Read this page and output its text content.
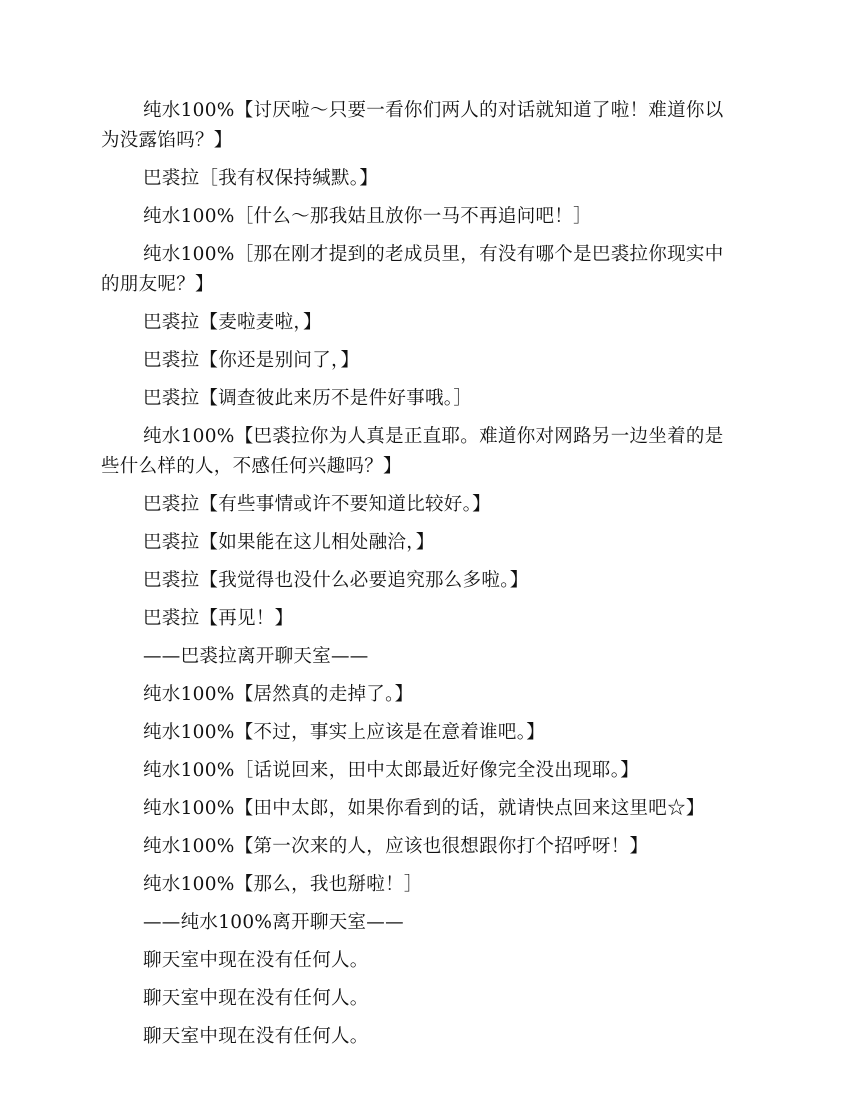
纯水100%【讨厌啦～只要一看你们两人的对话就知道了啦！难道你以为没露馅吗？】

巴裘拉［我有权保持缄默。】

纯水100%［什么～那我姑且放你一马不再追问吧！］

纯水100%［那在刚才提到的老成员里，有没有哪个是巴裘拉你现实中的朋友呢？】

巴裘拉【麦啦麦啦，】

巴裘拉【你还是别问了，】

巴裘拉【调查彼此来历不是件好事哦。］

纯水100%【巴裘拉你为人真是正直耶。难道你对网路另一边坐着的是些什么样的人，不感任何兴趣吗？】

巴裘拉【有些事情或许不要知道比较好。】

巴裘拉【如果能在这儿相处融洽，】

巴裘拉【我觉得也没什么必要追究那么多啦。】

巴裘拉【再见！】

——巴裘拉离开聊天室——

纯水100%【居然真的走掉了。】

纯水100%【不过，事实上应该是在意着谁吧。】

纯水100%［话说回来，田中太郎最近好像完全没出现耶。】

纯水100%【田中太郎，如果你看到的话，就请快点回来这里吧☆】

纯水100%【第一次来的人，应该也很想跟你打个招呼呀！】

纯水100%【那么，我也掰啦！］

——纯水100%离开聊天室——

聊天室中现在没有任何人。

聊天室中现在没有任何人。

聊天室中现在没有任何人。
